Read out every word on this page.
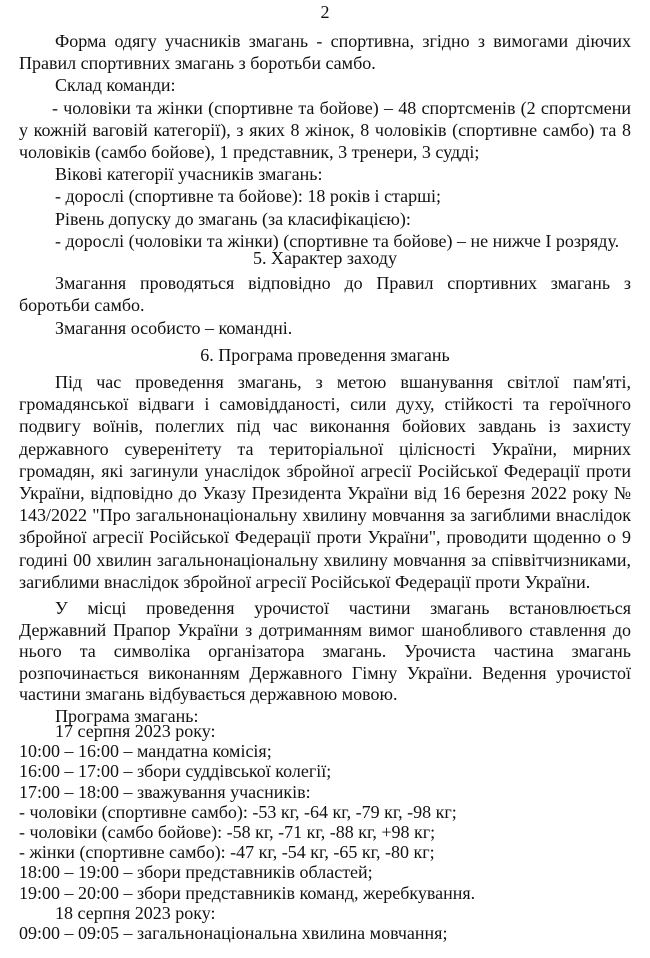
2

Форма одягу учасників змагань - спортивна, згідно з вимогами діючих Правил спортивних змагань з боротьби самбо.

Склад команди:

- чоловіки та жінки (спортивне та бойове) – 48 спортсменів (2 спортсмени у кожній ваговій категорії), з яких 8 жінок, 8 чоловіків (спортивне самбо) та 8 чоловіків (самбо бойове), 1 представник, 3 тренери, 3 судді;

Вікові категорії учасників змагань:

- дорослі (спортивне та бойове): 18 років і старші;

Рівень допуску до змагань (за класифікацією):

- дорослі (чоловіки та жінки) (спортивне та бойове) – не нижче І розряду.

5. Характер заходу

Змагання проводяться відповідно до Правил спортивних змагань з боротьби самбо.

Змагання особисто – командні.

6. Програма проведення змагань

Під час проведення змагань, з метою вшанування світлої пам'яті, громадянської відваги і самовідданості, сили духу, стійкості та героїчного подвигу воїнів, полеглих під час виконання бойових завдань із захисту державного суверенітету та територіальної цілісності України, мирних громадян, які загинули унаслідок збройної агресії Російської Федерації проти України, відповідно до Указу Президента України від 16 березня 2022 року № 143/2022 "Про загальнонаціональну хвилину мовчання за загиблими внаслідок збройної агресії Російської Федерації проти України", проводити щоденно о 9 годині 00 хвилин загальнонаціональну хвилину мовчання за співвітчизниками, загиблими внаслідок збройної агресії Російської Федерації проти України.

У місці проведення урочистої частини змагань встановлюється Державний Прапор України з дотриманням вимог шанобливого ставлення до нього та символіка організатора змагань. Урочиста частина змагань розпочинається виконанням Державного Гімну України. Ведення урочистої частини змагань відбувається державною мовою.

Програма змагань:

17 серпня 2023 року:

10:00 – 16:00 – мандатна комісія;

16:00 – 17:00 – збори суддівської колегії;

17:00 – 18:00 – зважування учасників:

- чоловіки (спортивне самбо): -53 кг, -64 кг, -79 кг, -98 кг;

- чоловіки (самбо бойове): -58 кг, -71 кг, -88 кг, +98 кг;

- жінки (спортивне самбо): -47 кг, -54 кг, -65 кг, -80 кг;

18:00 – 19:00 – збори представників областей;

19:00 – 20:00 – збори представників команд, жеребкування.

18 серпня 2023 року:

09:00 – 09:05 – загальнонаціональна хвилина мовчання;
